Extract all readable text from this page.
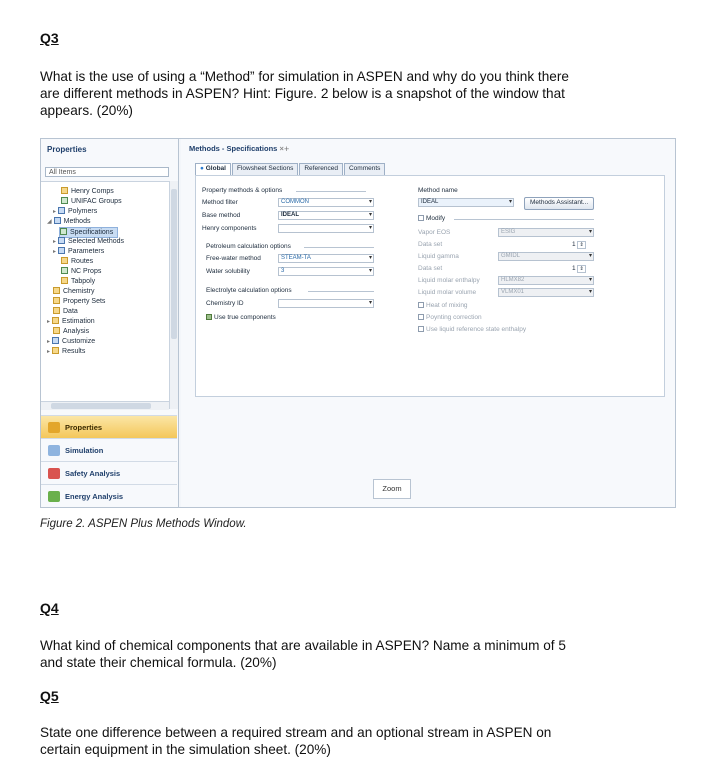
Q3
What is the use of using a “Method” for simulation in ASPEN and why do you think there
are different methods in ASPEN? Hint: Figure. 2 below is a snapshot of the window that
appears. (20%)
Properties
All Items
Henry Comps
UNIFAC Groups
▸ Polymers
◢ Methods
Specifications
▸ Selected Methods
▸ Parameters
Routes
NC Props
Tabpoly
Chemistry
Property Sets
Data
▸ Estimation
Analysis
▸ Customize
▸ Results
Properties
Simulation
Safety Analysis
Energy Analysis
Methods - Specifications × +
● Global	Flowsheet Sections	Referenced	Comments
Property methods & options
Method filter	COMMON	▾
Base method	IDEAL	▾
Henry components	▾
Petroleum calculation options
Free-water method	STEAM-TA	▾
Water solubility	3	▾
Electrolyte calculation options
Chemistry ID	▾
Use true components
Method name
IDEAL	▾	Methods Assistant...
Modify
Vapor EOS	ESIG	▾
Data set	1 ⇕
Liquid gamma	GMIDL	▾
Data set	1 ⇕
Liquid molar enthalpy	HLMX82	▾
Liquid molar volume	VLMX01	▾
Heat of mixing
Poynting correction
Use liquid reference state enthalpy
Zoom
Figure 2. ASPEN Plus Methods Window.
Q4
What kind of chemical components that are available in ASPEN? Name a minimum of 5
and state their chemical formula. (20%)
Q5
State one difference between a required stream and an optional stream in ASPEN on
certain equipment in the simulation sheet. (20%)
